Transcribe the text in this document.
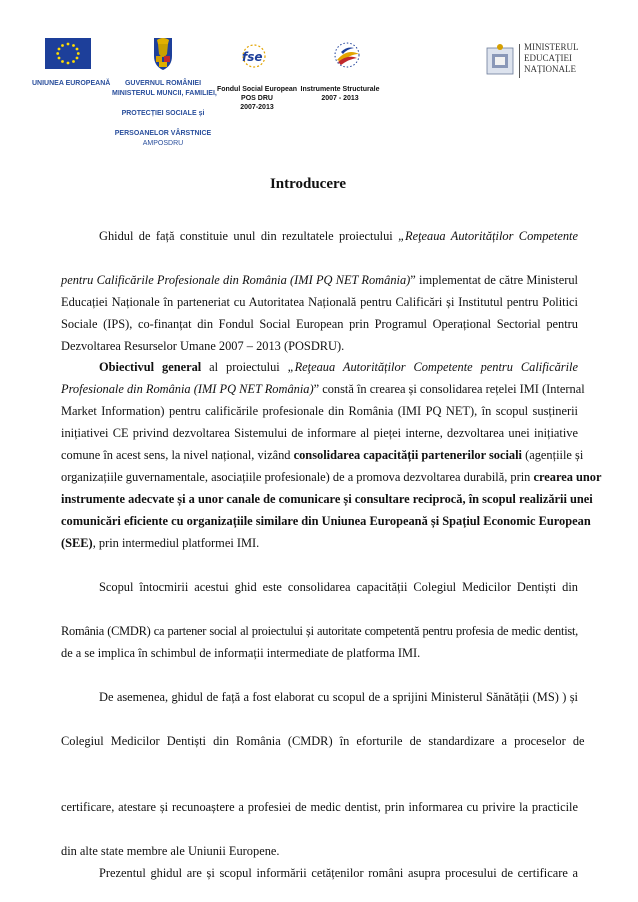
fse
MINISTERUL
EDUCAȚIEI
NAȚIONALE
UNIUNEA EUROPEANĂ	GUVERNUL ROMÂNIEI
MINISTERUL MUNCII, FAMILIEI,
PROTECȚIEI SOCIALE și
PERSOANELOR VÂRSTNICE
AMPOSDRU
Fondul Social European
POS DRU
2007-2013
Instrumente Structurale
2007 - 2013
Introducere
Ghidul de față constituie unul din rezultatele proiectului „Reţeaua Autorităților Competente
pentru Calificările Profesionale din România (IMI PQ NET România)” implementat de către Ministerul
Educației Naționale în parteneriat cu Autoritatea Națională pentru Calificări și Institutul pentru Politici
Sociale (IPS), co-finanțat din Fondul Social European prin Programul Operațional Sectorial pentru
Dezvoltarea Resurselor Umane 2007 – 2013 (POSDRU).
Obiectivul general al proiectului „Reţeaua Autorităților Competente pentru Calificările
Profesionale din România (IMI PQ NET România)” constă în crearea și consolidarea rețelei IMI (Internal
Market Information) pentru calificările profesionale din România (IMI PQ NET), în scopul susținerii
inițiativei CE privind dezvoltarea Sistemului de informare al pieței interne, dezvoltarea unei inițiative
comune în acest sens, la nivel național, vizând consolidarea capacității partenerilor sociali (agențiile și
organizațiile guvernamentale, asociațiile profesionale) de a promova dezvoltarea durabilă, prin crearea unor
instrumente adecvate și a unor canale de comunicare și consultare reciprocă, în scopul realizării unei
comunicări eficiente cu organizațiile similare din Uniunea Europeană și Spațiul Economic European
(SEE), prin intermediul platformei IMI.
Scopul întocmirii acestui ghid este consolidarea capacității Colegiul Medicilor Dentiști din
România (CMDR) ca partener social al proiectului și autoritate competentă pentru profesia de medic dentist,
de a se implica în schimbul de informații intermediate de platforma IMI.
De asemenea, ghidul de față a fost elaborat cu scopul de a sprijini Ministerul Sănătății (MS) ) și
Colegiul Medicilor Dentiști din România (CMDR) în eforturile de standardizare a proceselor de
certificare, atestare și recunoaștere a profesiei de medic dentist, prin informarea cu privire la practicile
din alte state membre ale Uniunii Europene.
Prezentul ghidul are și scopul informării cetățenilor români asupra procesului de certificare a
